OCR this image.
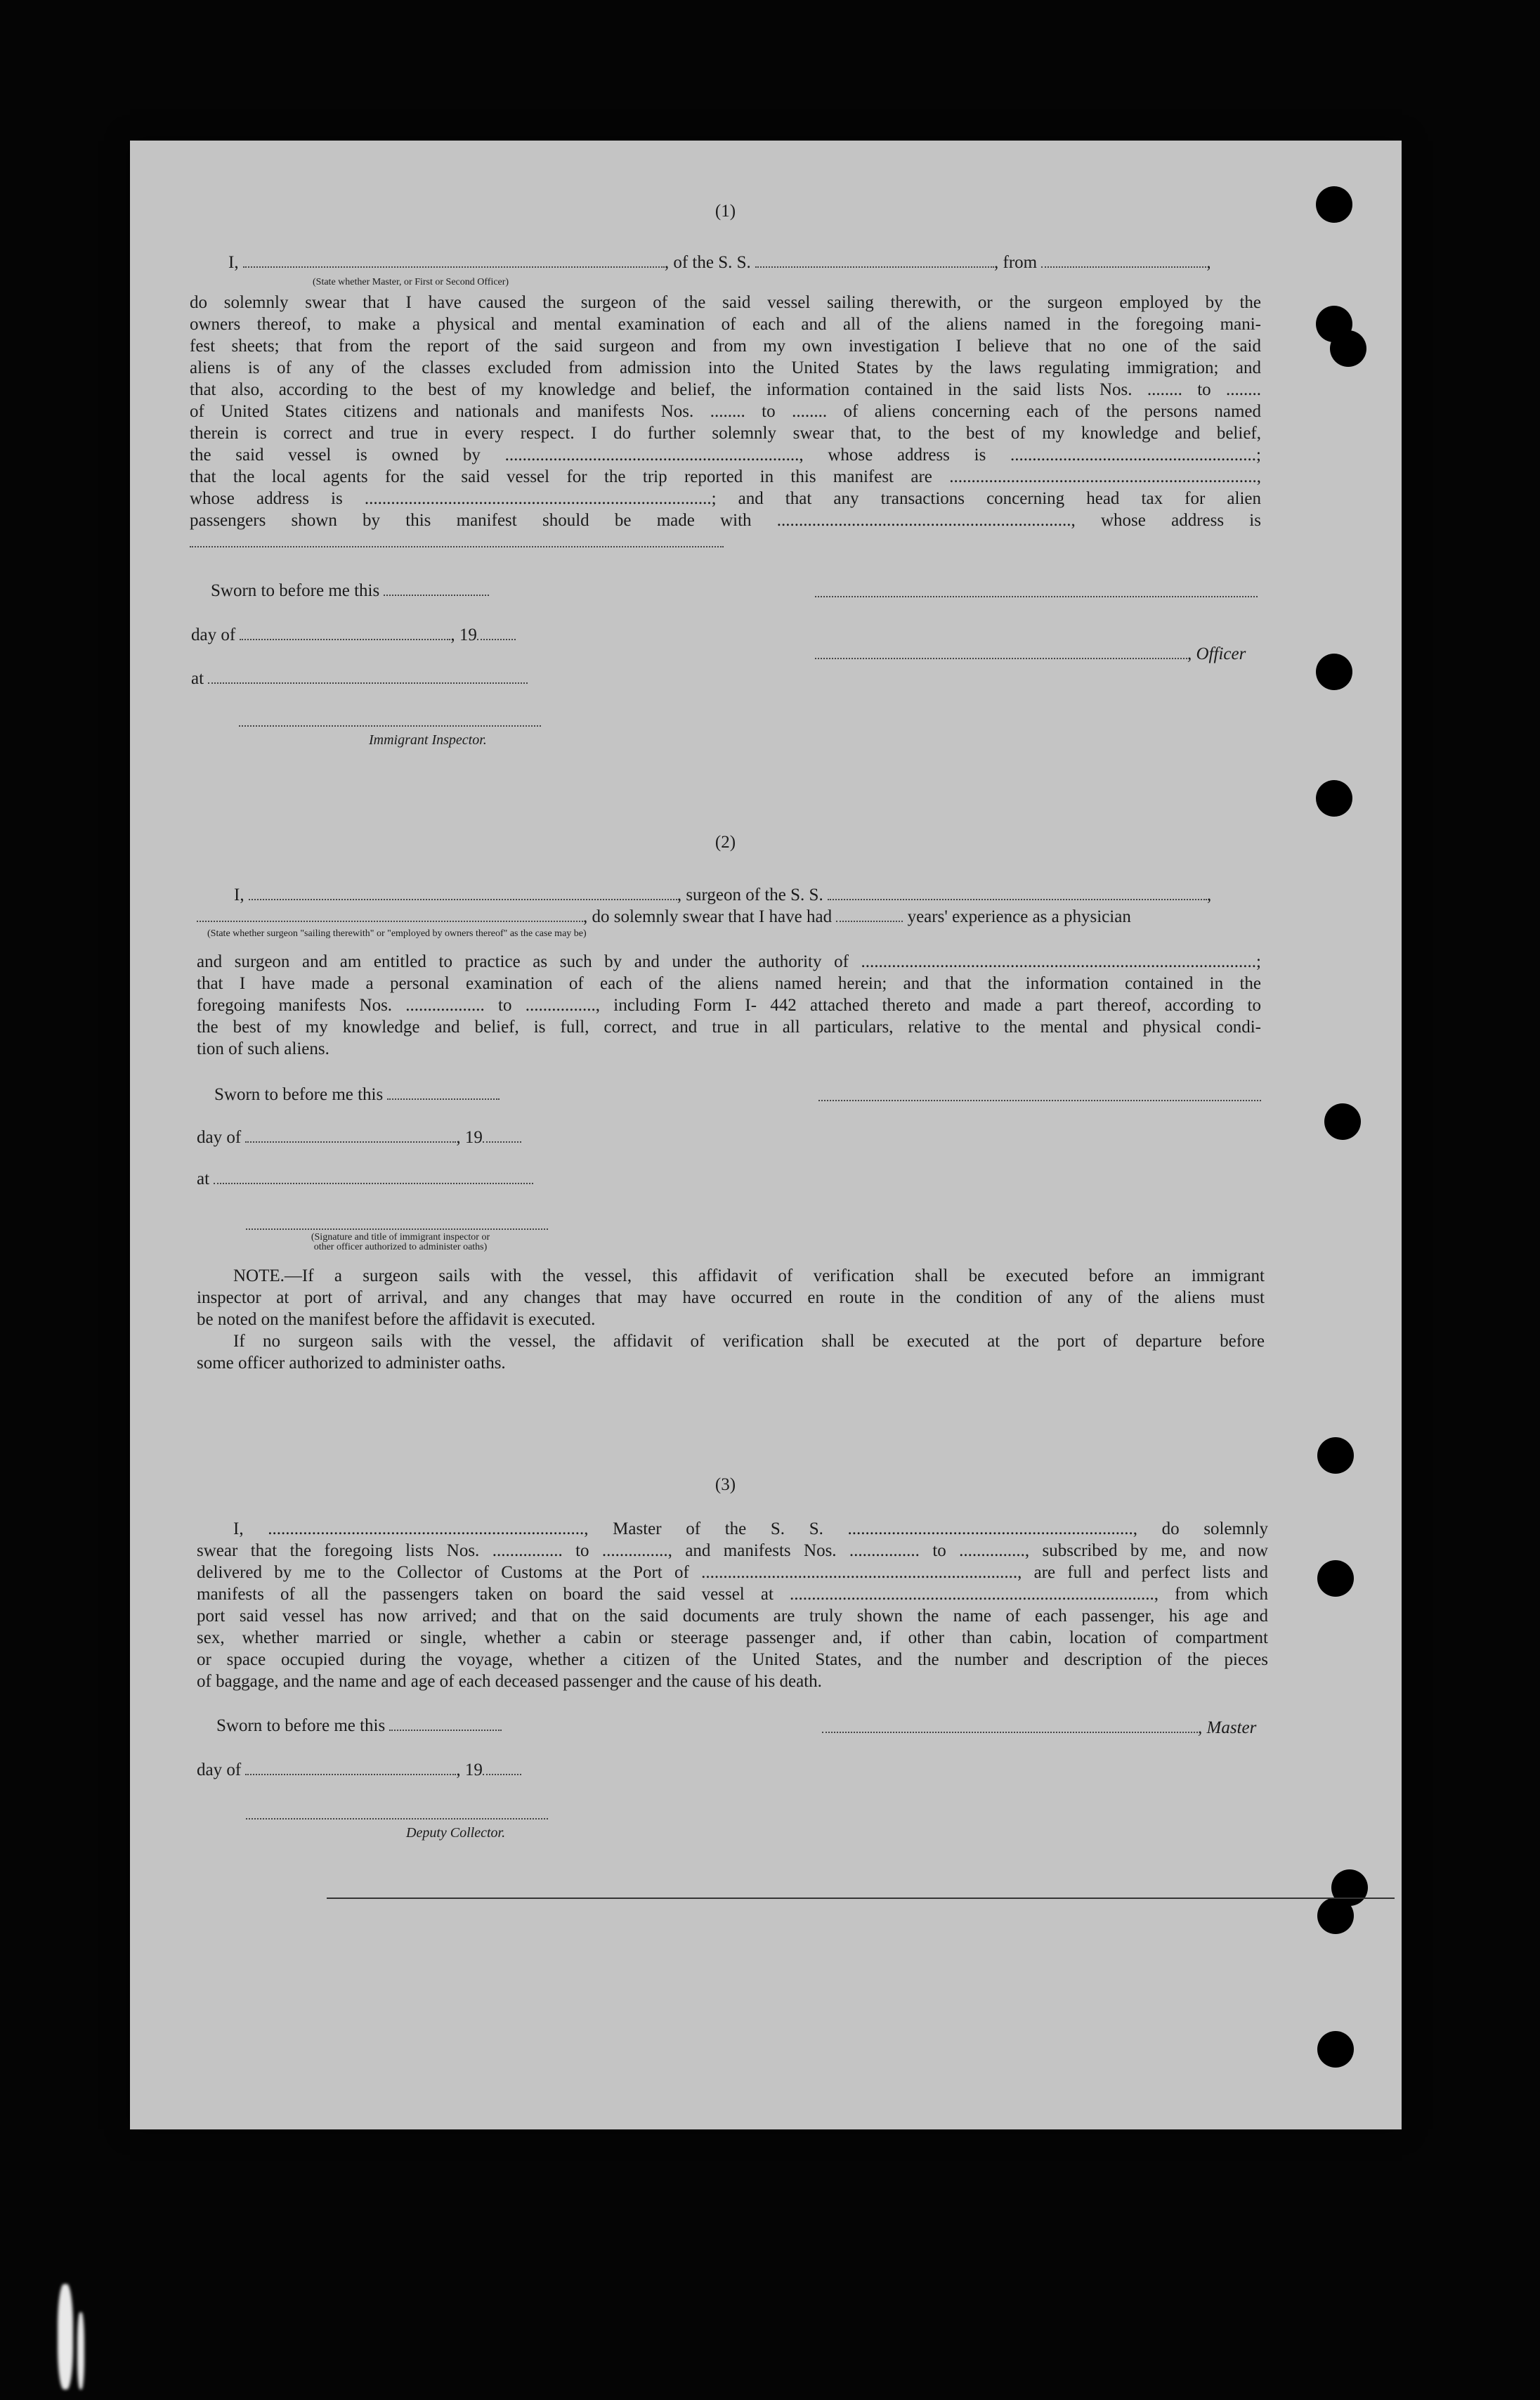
(1)
I,	, of the S. S.	, from	,
(State whether Master, or First or Second Officer)
do solemnly swear that I have caused the surgeon of the said vessel sailing therewith, or the surgeon employed by the
owners thereof, to make a physical and mental examination of each and all of the aliens named in the foregoing mani-
fest sheets; that from the report of the said surgeon and from my own investigation I believe that no one of the said
aliens is of any of the classes excluded from admission into the United States by the laws regulating immigration; and
that also, according to the best of my knowledge and belief, the information contained in the said lists Nos. ........ to ........
of United States citizens and nationals and manifests Nos. ........ to ........ of aliens concerning each of the persons named
therein is correct and true in every respect. I do further solemnly swear that, to the best of my knowledge and belief,
the said vessel is owned by ..................................................................., whose address is ........................................................;
that the local agents for the said vessel for the trip reported in this manifest are ......................................................................,
whose address is ...............................................................................; and that any transactions concerning head tax for alien
passengers shown by this manifest should be made with ..................................................................., whose address is
Sworn to before me this
day of	, 19
, Officer
at
Immigrant Inspector.
(2)
I,	, surgeon of the S. S.	,
, do solemnly swear that I have had	years' experience as a physician
(State whether surgeon "sailing therewith" or "employed by owners thereof" as the case may be)
and surgeon and am entitled to practice as such by and under the authority of ..........................................................................................;
that I have made a personal examination of each of the aliens named herein; and that the information contained in the
foregoing manifests Nos. .................. to ................, including Form I- 442 attached thereto and made a part thereof, according to
the best of my knowledge and belief, is full, correct, and true in all particulars, relative to the mental and physical condi-
tion of such aliens.
Sworn to before me this
day of	, 19
at
(Signature and title of immigrant inspector or
other officer authorized to administer oaths)
NOTE.—If a surgeon sails with the vessel, this affidavit of verification shall be executed before an immigrant
inspector at port of arrival, and any changes that may have occurred en route in the condition of any of the aliens must
be noted on the manifest before the affidavit is executed.
If no surgeon sails with the vessel, the affidavit of verification shall be executed at the port of departure before
some officer authorized to administer oaths.
(3)
I, ........................................................................, Master of the S. S. ................................................................., do solemnly
swear that the foregoing lists Nos. ................ to ..............., and manifests Nos. ................ to ..............., subscribed by me, and now
delivered by me to the Collector of Customs at the Port of ........................................................................, are full and perfect lists and
manifests of all the passengers taken on board the said vessel at ..................................................................................., from which
port said vessel has now arrived; and that on the said documents are truly shown the name of each passenger, his age and
sex, whether married or single, whether a cabin or steerage passenger and, if other than cabin, location of compartment
or space occupied during the voyage, whether a citizen of the United States, and the number and description of the pieces
of baggage, and the name and age of each deceased passenger and the cause of his death.
Sworn to before me this	, Master
day of	, 19
Deputy Collector.
